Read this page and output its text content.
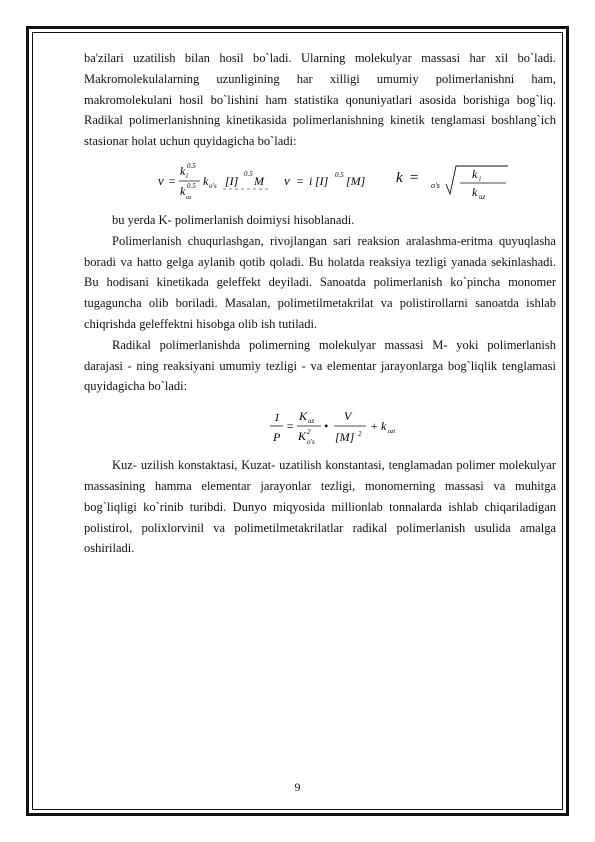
ba'zilari uzatilish bilan hosil bo`ladi. Ularning molekulyar massasi har xil bo`ladi. Makromolekulalarning uzunligining har xilligi umumiy polimerlanishni ham, makromolekulani hosil bo`lishini ham statistika qonuniyatlari asosida borishiga bog`liq. Radikal polimerlanishning kinetikasida polimerlanishning kinetik tenglamasi boshlang`ich stasionar holat uchun quyidagicha bo`ladi:

ν =
k i
0.5
k uz
0.5 k o's [I] 0.5 M ν = i [I] 0.5 [M] k = o's
k i
k uz

bu yerda K- polimerlanish doimiysi hisoblanadi.

Polimerlanish chuqurlashgan, rivojlangan sari reaksion aralashma-eritma quyuqlasha boradi va hatto gelga aylanib qotib qoladi. Bu holatda reaksiya tezligi yanada sekinlashadi. Bu hodisani kinetikada geleffekt deyiladi. Sanoatda polimerlanish ko`pincha monomer tugaguncha olib boriladi. Masalan, polimetilmetakrilat va polistirollarni sanoatda ishlab chiqrishda geleffektni hisobga olib ish tutiladi.

Radikal polimerlanishda polimerning molekulyar massasi M- yoki polimerlanish darajasi - ning reaksiyani umumiy tezligi - va elementar jarayonlarga bog`liqlik tenglamasi quyidagicha bo`ladi:

1
P
=
K uz
K 2
o's
•
V
[M] 2
+ k uzt

Kuz- uzilish konstaktasi, Kuzat- uzatilish konstantasi, tenglamadan polimer molekulyar massasining hamma elementar jarayonlar tezligi, monomerning massasi va muhitga bog`liqligi ko`rinib turibdi. Dunyo miqyosida millionlab tonnalarda ishlab chiqariladigan polistirol, polixlorvinil va polimetilmetakrilatlar radikal polimerlanish usulida amalga oshiriladi.

9
